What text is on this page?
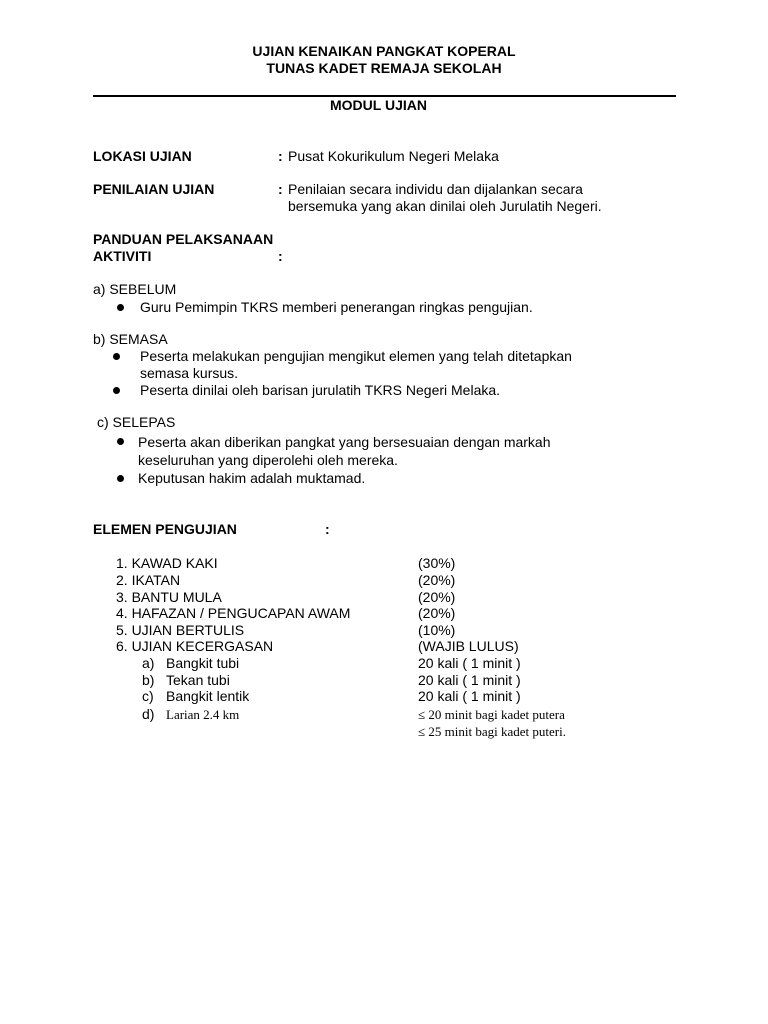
UJIAN KENAIKAN PANGKAT KOPERAL
TUNAS KADET REMAJA SEKOLAH
MODUL UJIAN
LOKASI UJIAN	: Pusat Kokurikulum Negeri Melaka
PENILAIAN UJIAN	: Penilaian secara individu dan dijalankan secara
bersemuka yang akan dinilai oleh Jurulatih Negeri.
PANDUAN PELAKSANAAN
AKTIVITI	:
a) SEBELUM
Guru Pemimpin TKRS memberi penerangan ringkas pengujian.
b) SEMASA
Peserta melakukan pengujian mengikut elemen yang telah ditetapkan
semasa kursus.
Peserta dinilai oleh barisan jurulatih TKRS Negeri Melaka.
c) SELEPAS
Peserta akan diberikan pangkat yang bersesuaian dengan markah
keseluruhan yang diperolehi oleh mereka.
Keputusan hakim adalah muktamad.
ELEMEN PENGUJIAN	:
1. KAWAD KAKI	(30%)
2. IKATAN	(20%)
3. BANTU MULA	(20%)
4. HAFAZAN / PENGUCAPAN AWAM	(20%)
5. UJIAN BERTULIS	(10%)
6. UJIAN KECERGASAN	(WAJIB LULUS)
a) Bangkit tubi	20 kali ( 1 minit )
b) Tekan tubi	20 kali ( 1 minit )
c) Bangkit lentik	20 kali ( 1 minit )
d) Larian 2.4 km	≤ 20 minit bagi kadet putera
≤ 25 minit bagi kadet puteri.
